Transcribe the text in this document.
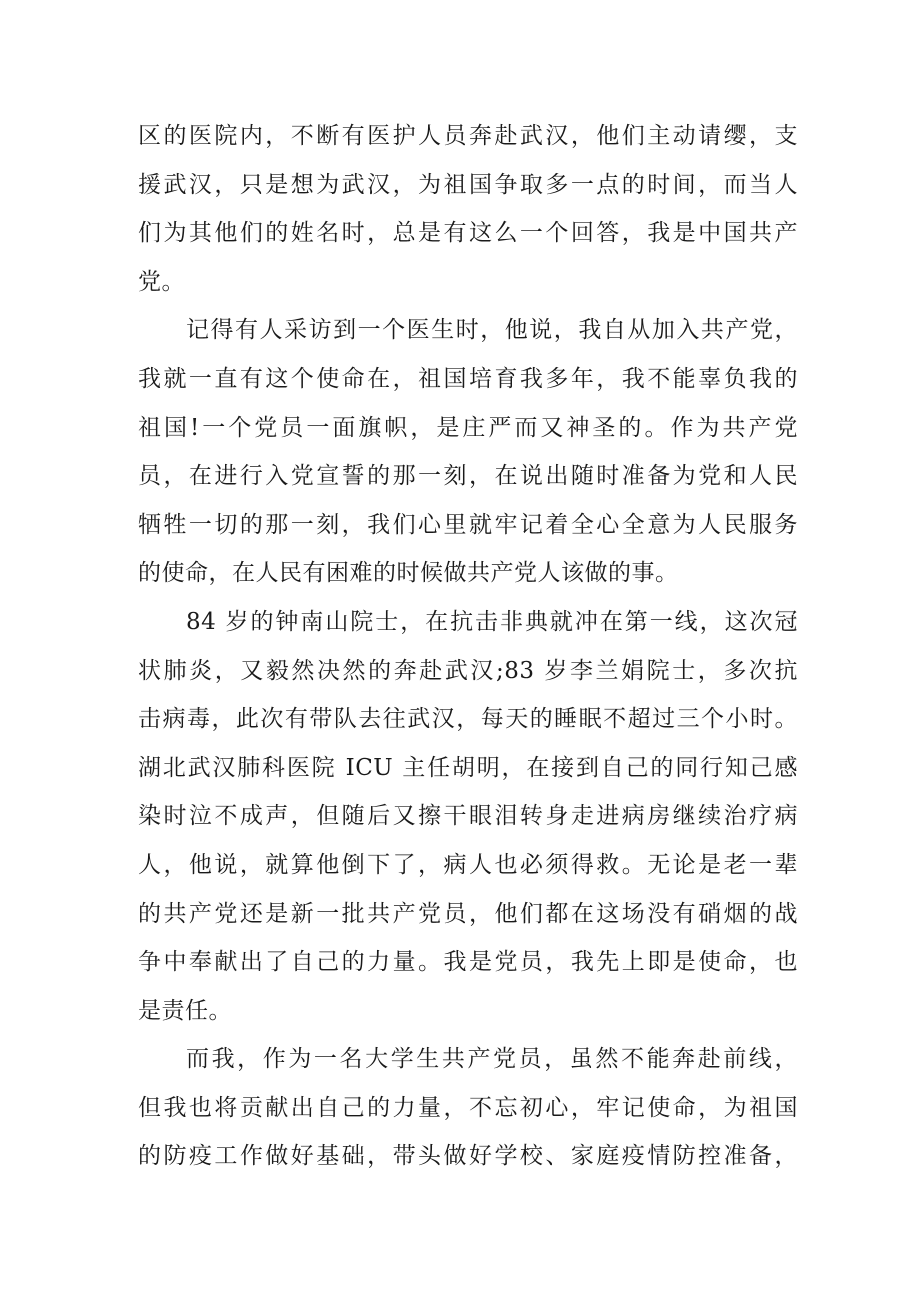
区的医院内，不断有医护人员奔赴武汉，他们主动请缨，支
援武汉，只是想为武汉，为祖国争取多一点的时间，而当人
们为其他们的姓名时，总是有这么一个回答，我是中国共产
党。
记得有人采访到一个医生时，他说，我自从加入共产党，
我就一直有这个使命在，祖国培育我多年，我不能辜负我的
祖国!一个党员一面旗帜，是庄严而又神圣的。作为共产党
员，在进行入党宣誓的那一刻，在说出随时准备为党和人民
牺牲一切的那一刻，我们心里就牢记着全心全意为人民服务
的使命，在人民有困难的时候做共产党人该做的事。
84 岁的钟南山院士，在抗击非典就冲在第一线，这次冠
状肺炎，又毅然决然的奔赴武汉;83 岁李兰娟院士，多次抗
击病毒，此次有带队去往武汉，每天的睡眠不超过三个小时。
湖北武汉肺科医院 ICU 主任胡明，在接到自己的同行知己感
染时泣不成声，但随后又擦干眼泪转身走进病房继续治疗病
人，他说，就算他倒下了，病人也必须得救。无论是老一辈
的共产党还是新一批共产党员，他们都在这场没有硝烟的战
争中奉献出了自己的力量。我是党员，我先上即是使命，也
是责任。
而我，作为一名大学生共产党员，虽然不能奔赴前线，
但我也将贡献出自己的力量，不忘初心，牢记使命，为祖国
的防疫工作做好基础，带头做好学校、家庭疫情防控准备，
